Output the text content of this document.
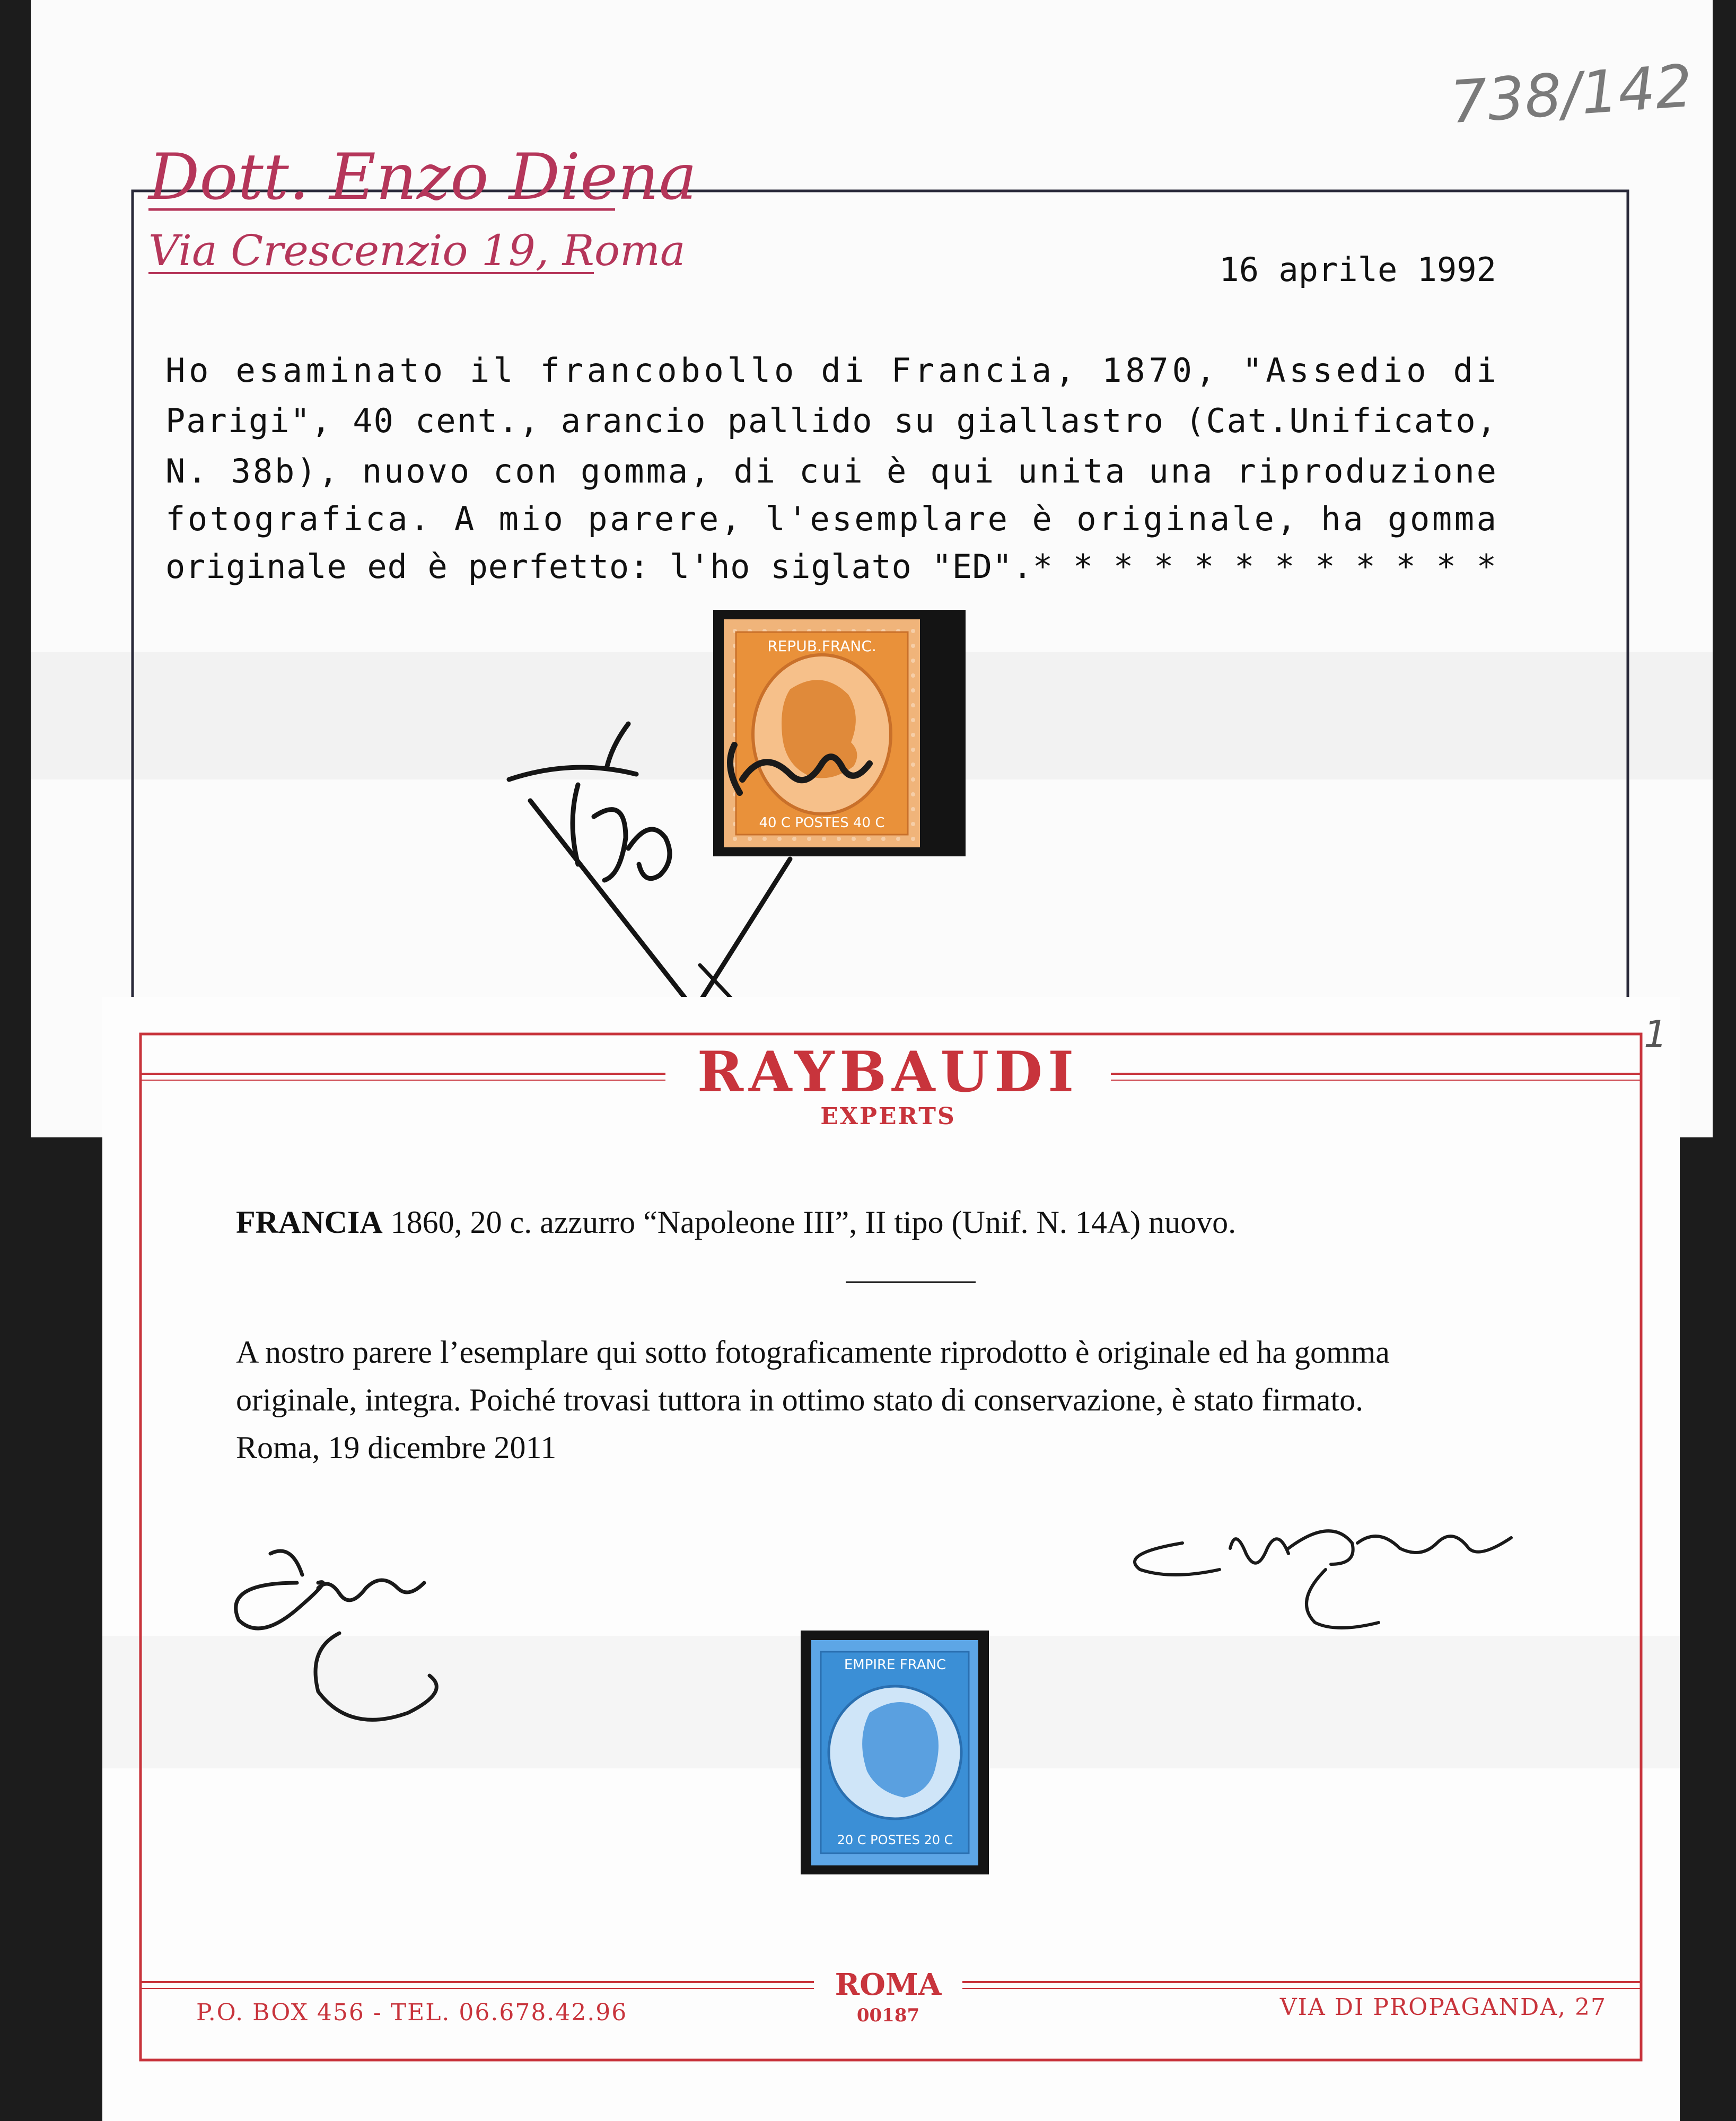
738/142
Dott. Enzo Diena
Via Crescenzio 19, Roma	16 aprile 1992
Ho esaminato il francobollo di Francia, 1870, "Assedio di
Parigi", 40 cent., arancio pallido su giallastro (Cat.Unificato,
N. 38b), nuovo con gomma, di cui è qui unita una riproduzione
fotografica. A mio parere, l'esemplare è originale, ha gomma
originale ed è perfetto: l'ho siglato "ED".* * * * * * * * * * * *
REPUB.FRANC.
40 C POSTES 40 C
1
RAYBAUDI
EXPERTS
FRANCIA 1860, 20 c. azzurro “Napoleone III”, II tipo (Unif. N. 14A) nuovo.
A nostro parere l’esemplare qui sotto fotograficamente riprodotto è originale ed ha gomma
originale, integra. Poiché trovasi tuttora in ottimo stato di conservazione, è stato firmato.
Roma, 19 dicembre 2011
EMPIRE FRANC
20 C POSTES 20 C
ROMA
00187
P.O. BOX 456 - TEL. 06.678.42.96	VIA DI PROPAGANDA, 27
